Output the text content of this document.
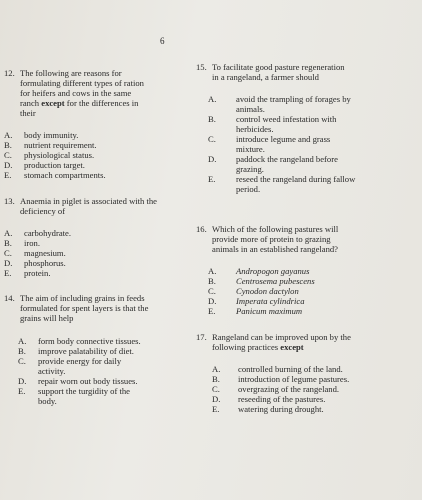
6
12. The following are reasons for formulating different types of ration for heifers and cows in the same ranch except for the differences in their
A.	body immunity.
B.	nutrient requirement.
C.	physiological status.
D.	production target.
E.	stomach compartments.
13. Anaemia in piglet is associated with the deficiency of
A.	carbohydrate.
B.	iron.
C.	magnesium.
D.	phosphorus.
E.	protein.
14. The aim of including grains in feeds formulated for spent layers is that the grains will help
A.	form body connective tissues.
B.	improve palatability of diet.
C.	provide energy for daily activity.
D.	repair worn out body tissues.
E.	support the turgidity of the body.
15. To facilitate good pasture regeneration in a rangeland, a farmer should
A.	avoid the trampling of forages by animals.
B.	control weed infestation with herbicides.
C.	introduce legume and grass mixture.
D.	paddock the rangeland before grazing.
E.	reseed the rangeland during fallow period.
16. Which of the following pastures will provide more of protein to grazing animals in an established rangeland?
A.	Andropogon gayanus
B.	Centrosema pubescens
C.	Cynodon dactylon
D.	Imperata cylindrica
E.	Panicum maximum
17. Rangeland can be improved upon by the following practices except
A.	controlled burning of the land.
B.	introduction of legume pastures.
C.	overgrazing of the rangeland.
D.	reseeding of the pastures.
E.	watering during drought.
